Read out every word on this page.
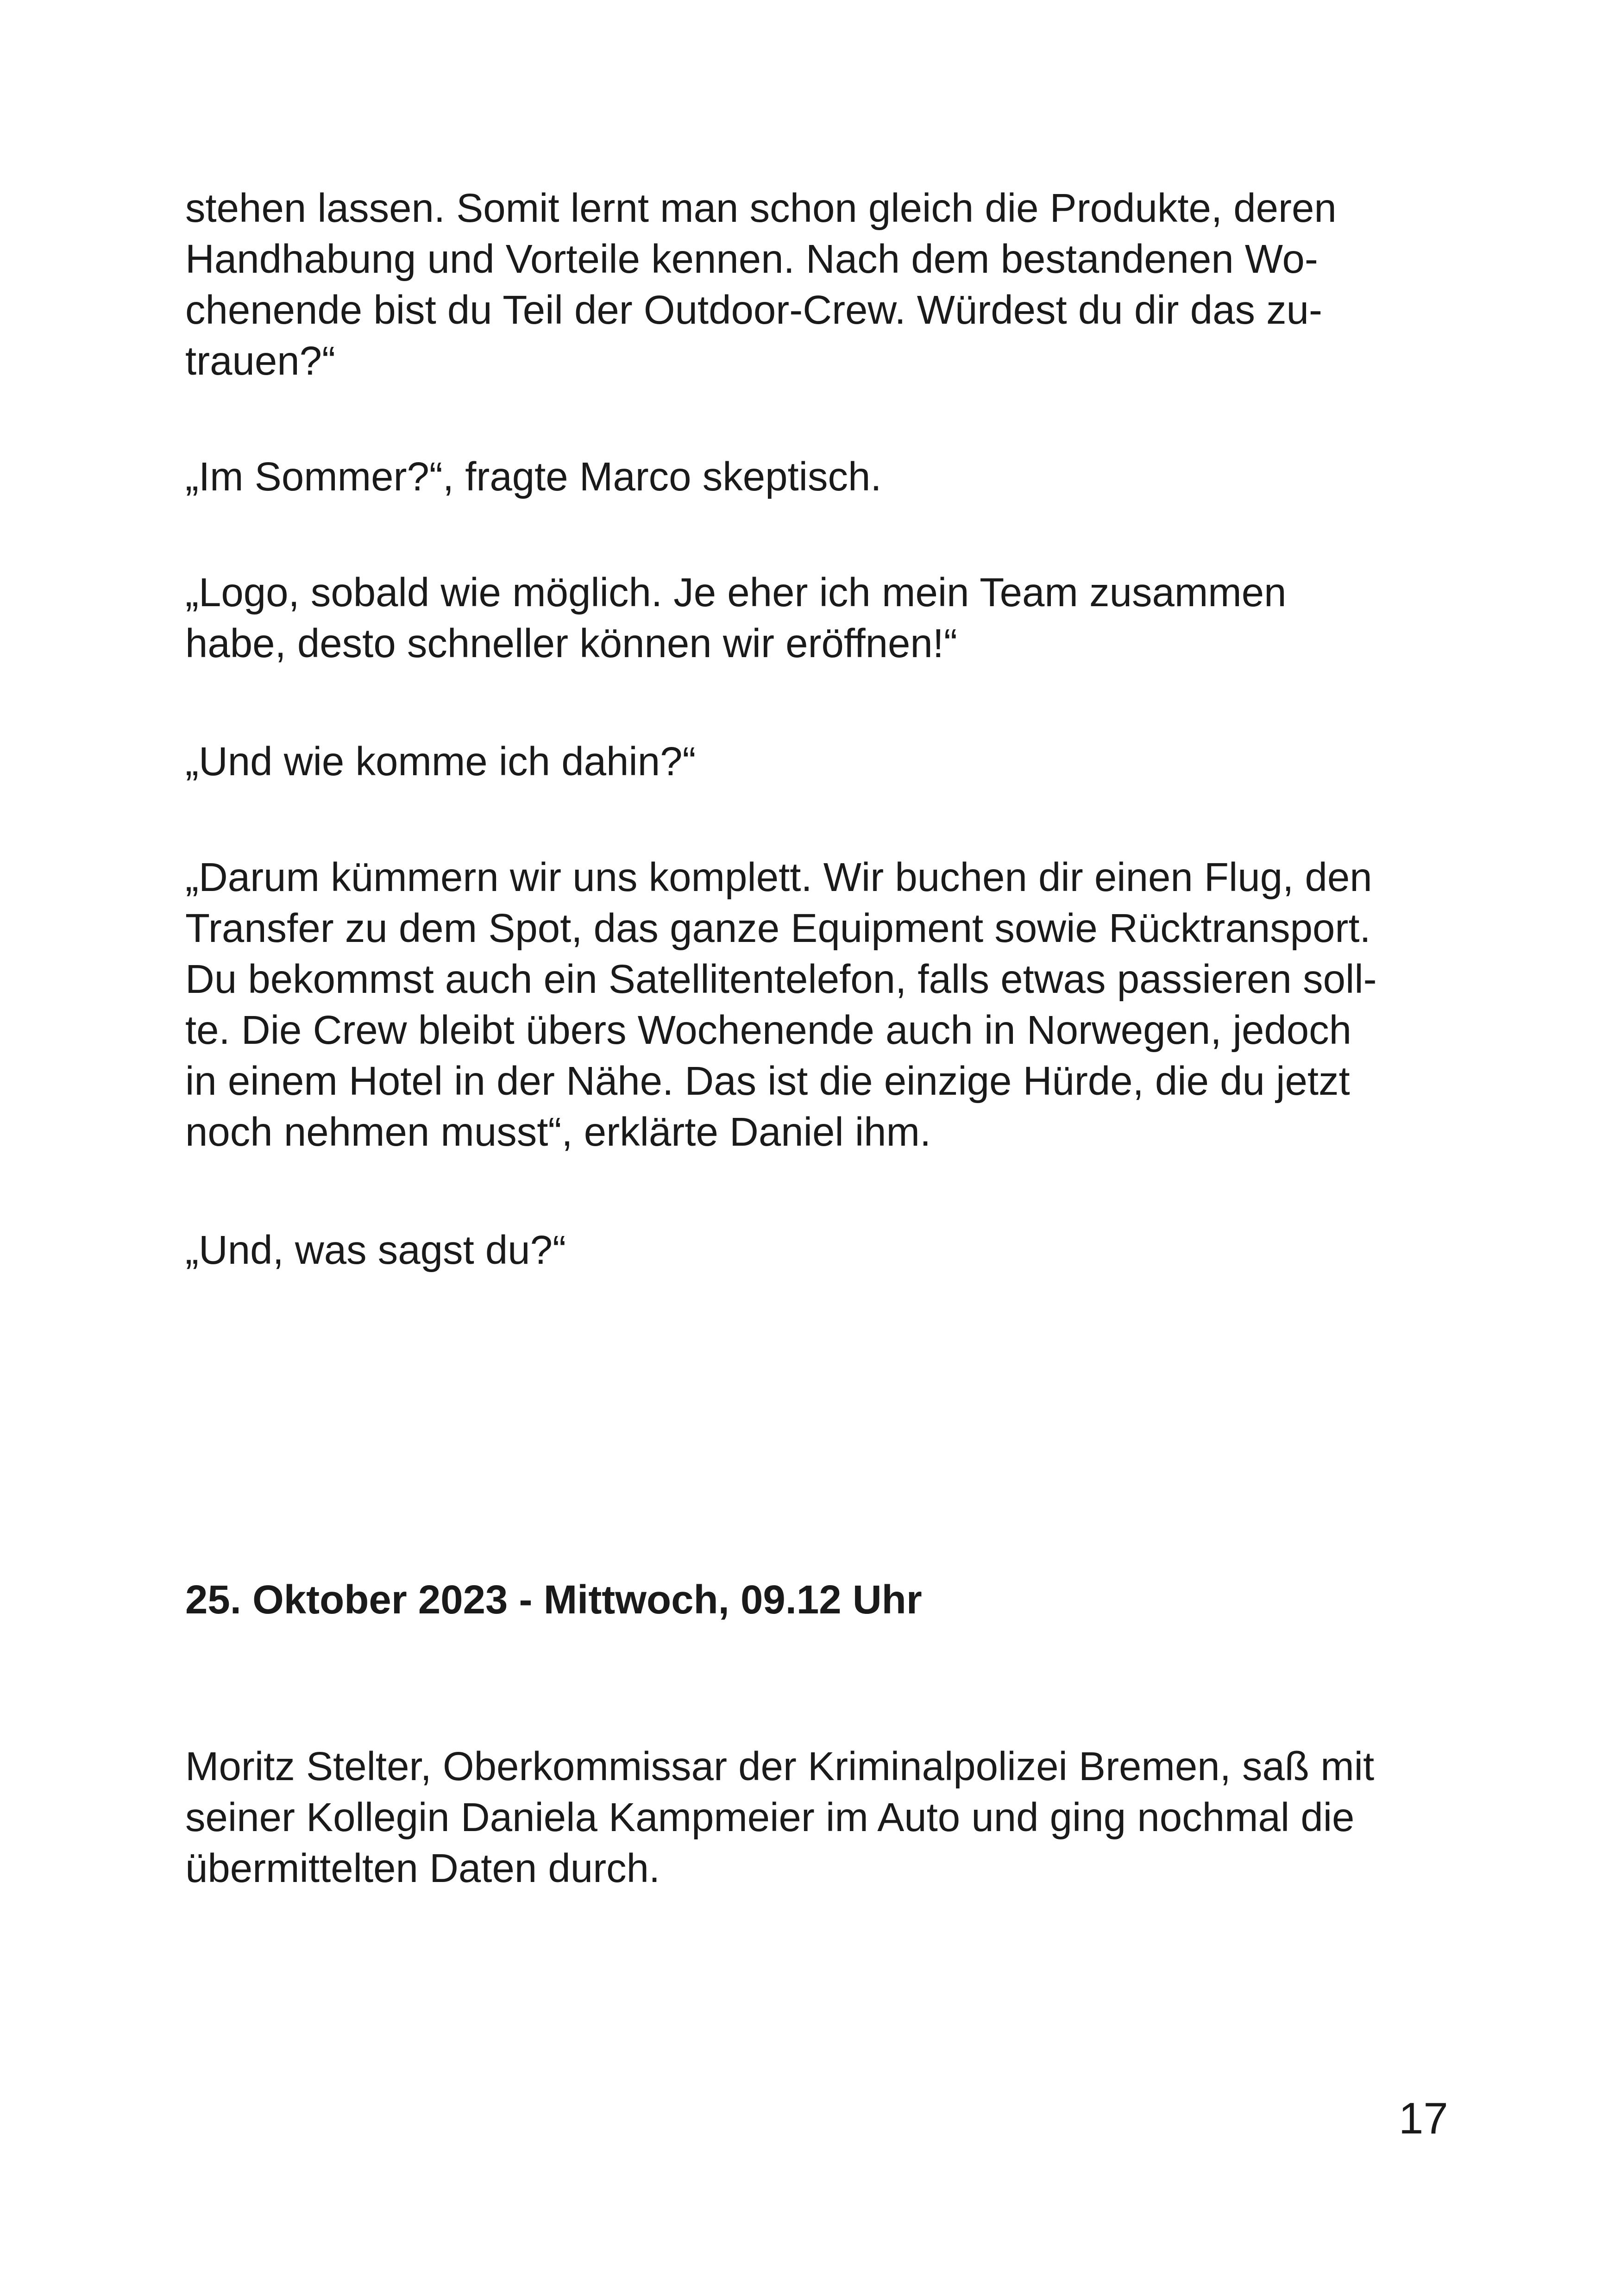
stehen lassen. Somit lernt man schon gleich die Produkte, deren
Handhabung und Vorteile kennen. Nach dem bestandenen Wo-
chenende bist du Teil der Outdoor-Crew. Würdest du dir das zu-
trauen?“
„Im Sommer?“, fragte Marco skeptisch.
„Logo, sobald wie möglich. Je eher ich mein Team zusammen
habe, desto schneller können wir eröffnen!“
„Und wie komme ich dahin?“
„Darum kümmern wir uns komplett. Wir buchen dir einen Flug, den
Transfer zu dem Spot, das ganze Equipment sowie Rücktransport.
Du bekommst auch ein Satellitentelefon, falls etwas passieren soll-
te. Die Crew bleibt übers Wochenende auch in Norwegen, jedoch
in einem Hotel in der Nähe. Das ist die einzige Hürde, die du jetzt
noch nehmen musst“, erklärte Daniel ihm.
„Und, was sagst du?“
25. Oktober 2023 - Mittwoch, 09.12 Uhr
Moritz Stelter, Oberkommissar der Kriminalpolizei Bremen, saß mit
seiner Kollegin Daniela Kampmeier im Auto und ging nochmal die
übermittelten Daten durch.
17
